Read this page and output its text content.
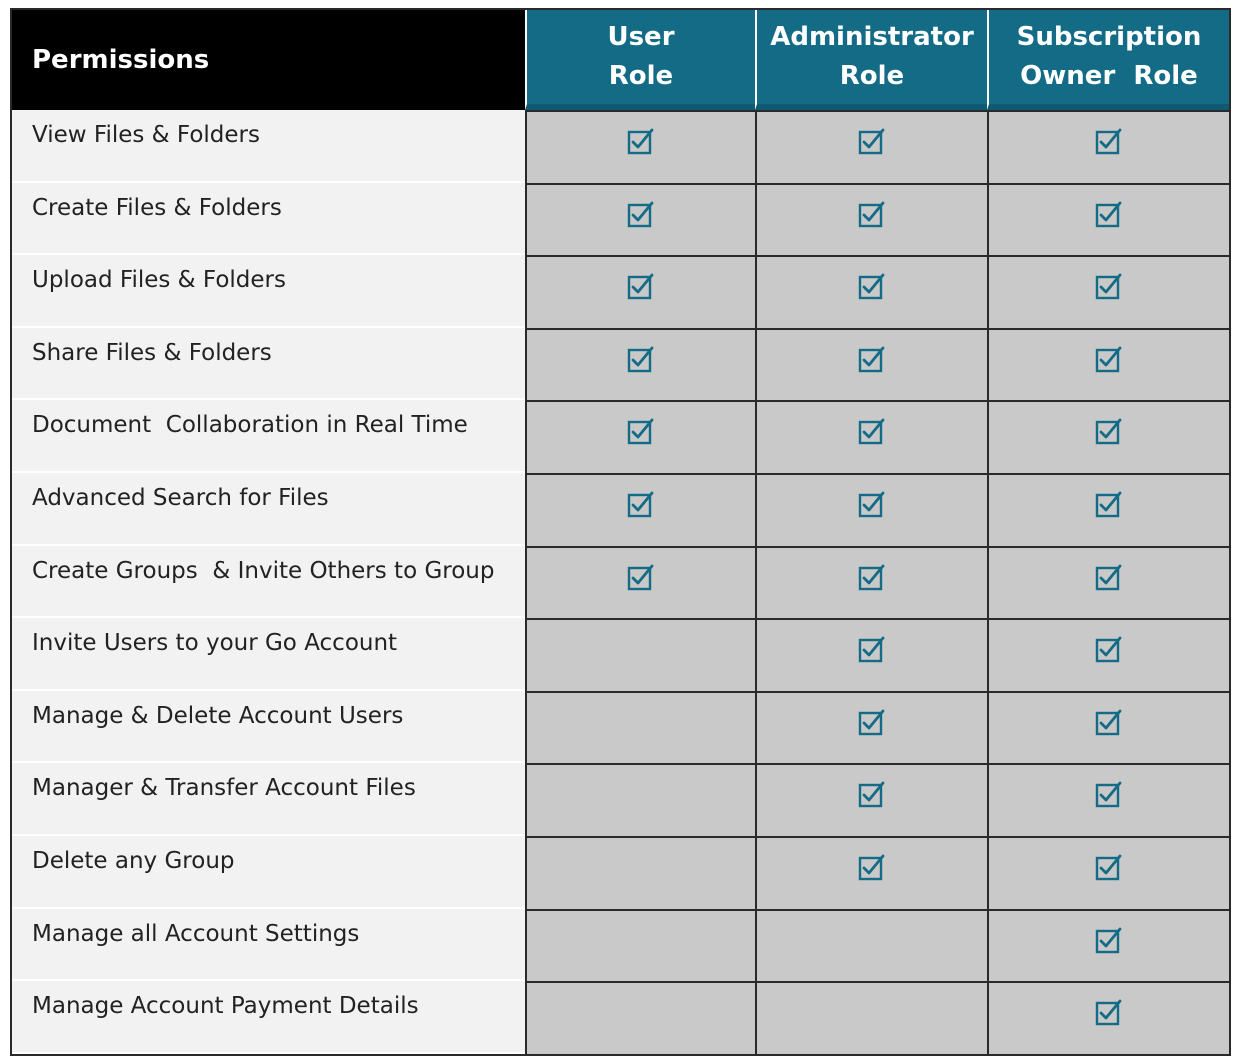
Permissions
User
Role
Administrator
Role
Subscription
Owner  Role
View Files & Folders
Create Files & Folders
Upload Files & Folders
Share Files & Folders
Document  Collaboration in Real Time
Advanced Search for Files
Create Groups  & Invite Others to Group
Invite Users to your Go Account
Manage & Delete Account Users
Manager & Transfer Account Files
Delete any Group
Manage all Account Settings
Manage Account Payment Details
